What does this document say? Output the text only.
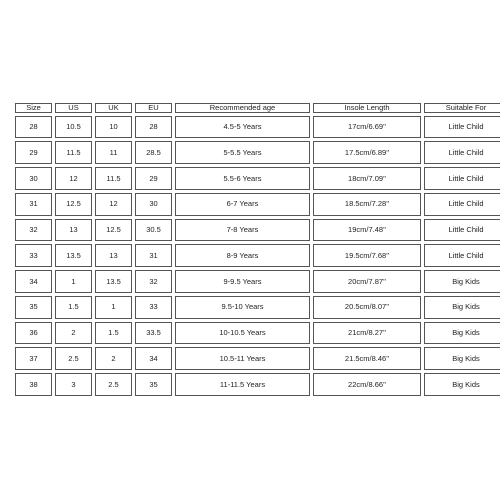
Size	US	UK	EU	Recommended age	Insole Length	Suitable For
28	10.5	10	28	4.5-5 Years	17cm/6.69''	Little Child
29	11.5	11	28.5	5-5.5 Years	17.5cm/6.89''	Little Child
30	12	11.5	29	5.5-6 Years	18cm/7.09''	Little Child
31	12.5	12	30	6-7 Years	18.5cm/7.28''	Little Child
32	13	12.5	30.5	7-8 Years	19cm/7.48''	Little Child
33	13.5	13	31	8-9 Years	19.5cm/7.68''	Little Child
34	1	13.5	32	9-9.5 Years	20cm/7.87''	Big Kids
35	1.5	1	33	9.5-10 Years	20.5cm/8.07''	Big Kids
36	2	1.5	33.5	10-10.5 Years	21cm/8.27''	Big Kids
37	2.5	2	34	10.5-11 Years	21.5cm/8.46''	Big Kids
38	3	2.5	35	11-11.5 Years	22cm/8.66''	Big Kids
